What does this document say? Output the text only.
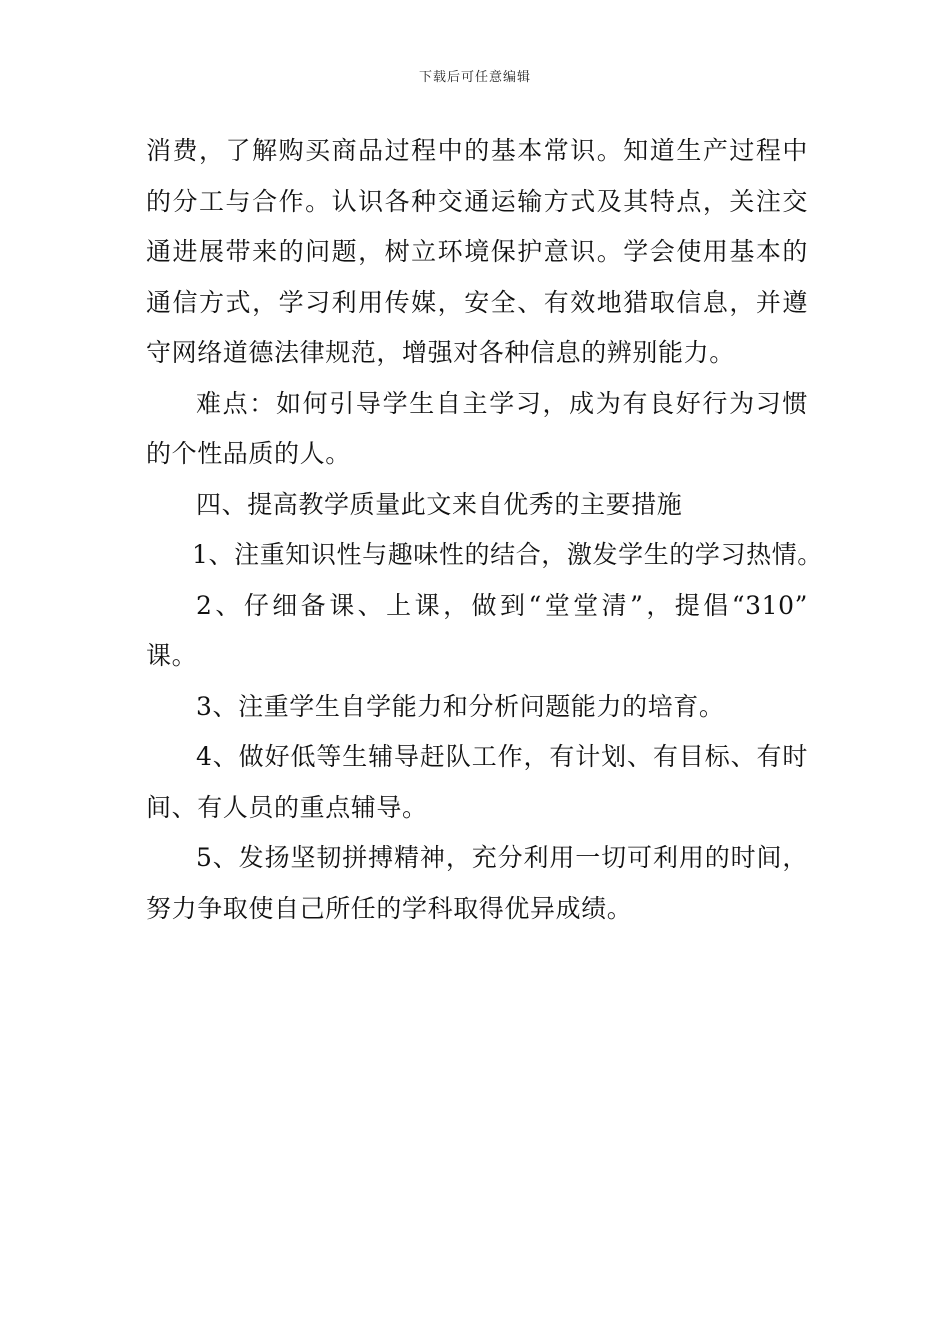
下载后可任意编辑
消费，了解购买商品过程中的基本常识。知道生产过程中
的分工与合作。认识各种交通运输方式及其特点，关注交
通进展带来的问题，树立环境保护意识。学会使用基本的
通信方式，学习利用传媒，安全、有效地猎取信息，并遵
守网络道德法律规范，增强对各种信息的辨别能力。
难点：如何引导学生自主学习，成为有良好行为习惯
的个性品质的人。
四、提高教学质量此文来自优秀的主要措施
1、注重知识性与趣味性的结合，激发学生的学习热情。
2、仔细备课、上课，做到“堂堂清”，提倡“310”
课。
3、注重学生自学能力和分析问题能力的培育。
4、做好低等生辅导赶队工作，有计划、有目标、有时
间、有人员的重点辅导。
5、发扬坚韧拼搏精神，充分利用一切可利用的时间，
努力争取使自己所任的学科取得优异成绩。
